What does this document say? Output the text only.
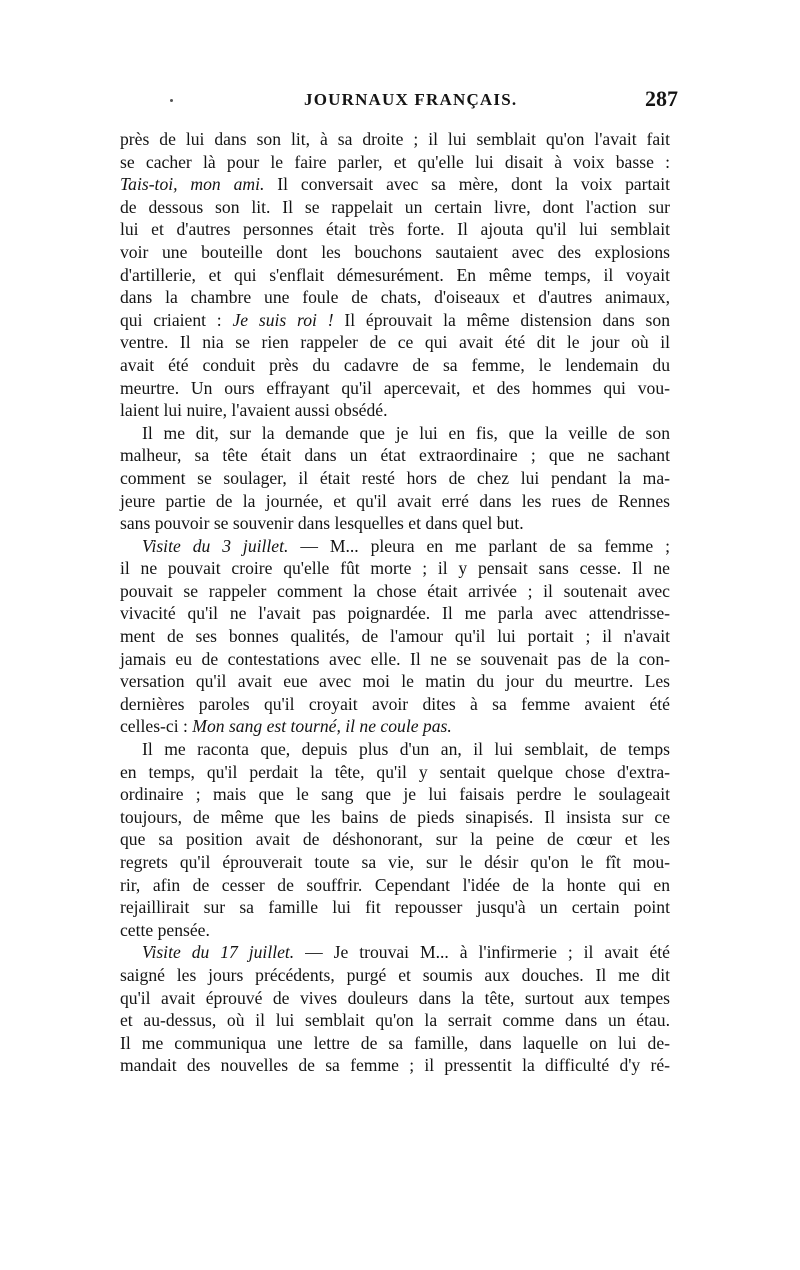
JOURNAUX FRANÇAIS.	287
près de lui dans son lit, à sa droite ; il lui semblait qu'on l'avait fait
se cacher là pour le faire parler, et qu'elle lui disait à voix basse :
Tais-toi, mon ami. Il conversait avec sa mère, dont la voix partait
de dessous son lit. Il se rappelait un certain livre, dont l'action sur
lui et d'autres personnes était très forte. Il ajouta qu'il lui semblait
voir une bouteille dont les bouchons sautaient avec des explosions
d'artillerie, et qui s'enflait démesurément. En même temps, il voyait
dans la chambre une foule de chats, d'oiseaux et d'autres animaux,
qui criaient : Je suis roi ! Il éprouvait la même distension dans son
ventre. Il nia se rien rappeler de ce qui avait été dit le jour où il
avait été conduit près du cadavre de sa femme, le lendemain du
meurtre. Un ours effrayant qu'il apercevait, et des hommes qui vou-
laient lui nuire, l'avaient aussi obsédé.
Il me dit, sur la demande que je lui en fis, que la veille de son
malheur, sa tête était dans un état extraordinaire ; que ne sachant
comment se soulager, il était resté hors de chez lui pendant la ma-
jeure partie de la journée, et qu'il avait erré dans les rues de Rennes
sans pouvoir se souvenir dans lesquelles et dans quel but.
Visite du 3 juillet. — M... pleura en me parlant de sa femme ;
il ne pouvait croire qu'elle fût morte ; il y pensait sans cesse. Il ne
pouvait se rappeler comment la chose était arrivée ; il soutenait avec
vivacité qu'il ne l'avait pas poignardée. Il me parla avec attendrisse-
ment de ses bonnes qualités, de l'amour qu'il lui portait ; il n'avait
jamais eu de contestations avec elle. Il ne se souvenait pas de la con-
versation qu'il avait eue avec moi le matin du jour du meurtre. Les
dernières paroles qu'il croyait avoir dites à sa femme avaient été
celles-ci : Mon sang est tourné, il ne coule pas.
Il me raconta que, depuis plus d'un an, il lui semblait, de temps
en temps, qu'il perdait la tête, qu'il y sentait quelque chose d'extra-
ordinaire ; mais que le sang que je lui faisais perdre le soulageait
toujours, de même que les bains de pieds sinapisés. Il insista sur ce
que sa position avait de déshonorant, sur la peine de cœur et les
regrets qu'il éprouverait toute sa vie, sur le désir qu'on le fît mou-
rir, afin de cesser de souffrir. Cependant l'idée de la honte qui en
rejaillirait sur sa famille lui fit repousser jusqu'à un certain point
cette pensée.
Visite du 17 juillet. — Je trouvai M... à l'infirmerie ; il avait été
saigné les jours précédents, purgé et soumis aux douches. Il me dit
qu'il avait éprouvé de vives douleurs dans la tête, surtout aux tempes
et au-dessus, où il lui semblait qu'on la serrait comme dans un étau.
Il me communiqua une lettre de sa famille, dans laquelle on lui de-
mandait des nouvelles de sa femme ; il pressentit la difficulté d'y ré-
